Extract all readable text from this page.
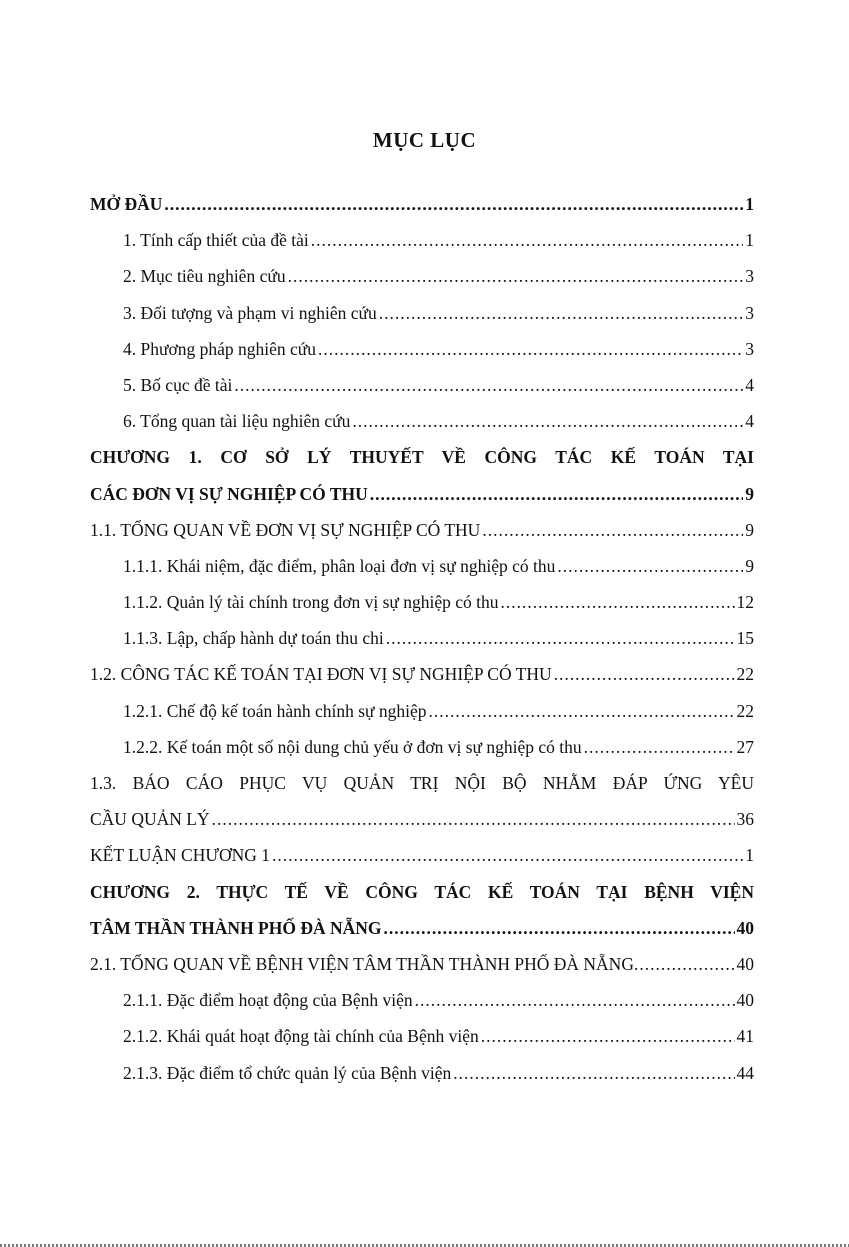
MỤC LỤC
MỞ ĐẦU .....	1
1. Tính cấp thiết của đề tài .....	1
2. Mục tiêu nghiên cứu .....	3
3. Đối tượng và phạm vi nghiên cứu .....	3
4. Phương pháp nghiên cứu .....	3
5. Bố cục đề tài .....	4
6. Tổng quan tài liệu nghiên cứu .....	4
CHƯƠNG 1. CƠ SỞ LÝ THUYẾT VỀ CÔNG TÁC KẾ TOÁN TẠI
CÁC ĐƠN VỊ SỰ NGHIỆP CÓ THU .....	9
1.1. TỔNG QUAN VỀ ĐƠN VỊ SỰ NGHIỆP CÓ THU .....	9
1.1.1. Khái niệm, đặc điểm, phân loại đơn vị sự nghiệp có thu .....	9
1.1.2. Quản lý tài chính trong đơn vị sự nghiệp có thu .....	12
1.1.3. Lập, chấp hành dự toán thu chi .....	15
1.2. CÔNG TÁC KẾ TOÁN TẠI ĐƠN VỊ SỰ NGHIỆP CÓ THU .....	22
1.2.1. Chế độ kế toán hành chính sự nghiệp .....	22
1.2.2. Kế toán một số nội dung chủ yếu ở đơn vị sự nghiệp có thu .....	27
1.3. BÁO CÁO PHỤC VỤ QUẢN TRỊ NỘI BỘ NHẰM ĐÁP ỨNG YÊU
CẦU QUẢN LÝ .....	36
KẾT LUẬN CHƯƠNG 1 .....	1
CHƯƠNG 2. THỰC TẾ VỀ CÔNG TÁC KẾ TOÁN TẠI BỆNH VIỆN
TÂM THẦN THÀNH PHỐ ĐÀ NẴNG .....	40
2.1. TỔNG QUAN VỀ BỆNH VIỆN TÂM THẦN THÀNH PHỐ ĐÀ NẴNG .....	40
2.1.1. Đặc điểm hoạt động của Bệnh viện .....	40
2.1.2. Khái quát hoạt động tài chính của Bệnh viện .....	41
2.1.3. Đặc điểm tổ chức quản lý của Bệnh viện .....	44
